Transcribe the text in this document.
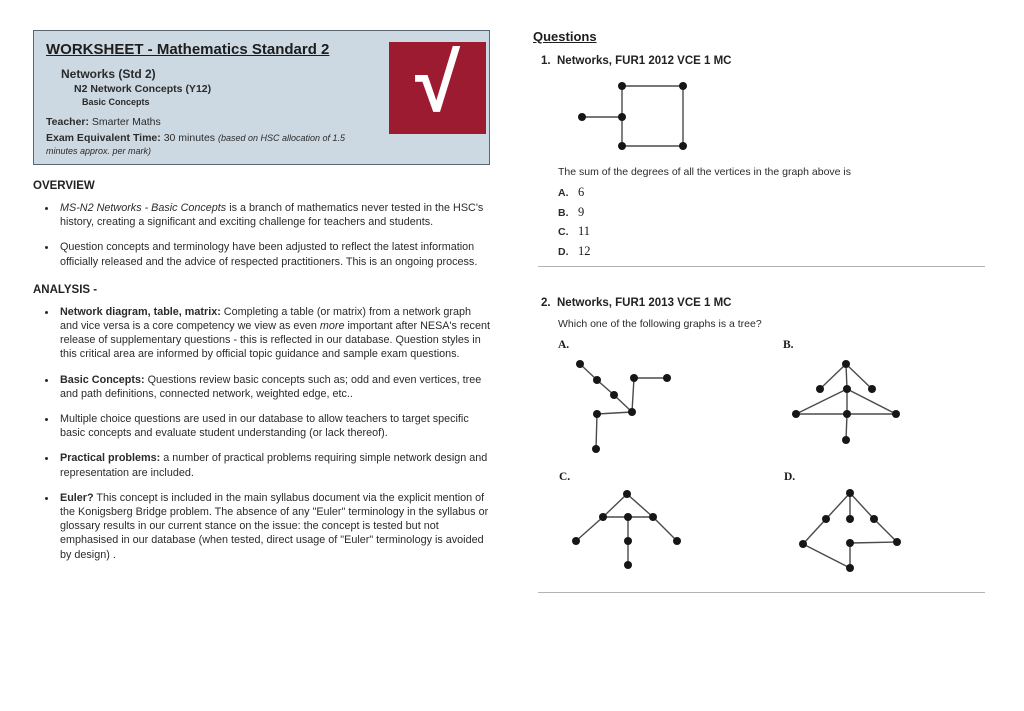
WORKSHEET - Mathematics Standard 2
Networks (Std 2)
N2 Network Concepts (Y12)
Basic Concepts
Teacher: Smarter Maths
Exam Equivalent Time: 30 minutes (based on HSC allocation of 1.5 minutes approx. per mark)
√
OVERVIEW
• MS-N2 Networks - Basic Concepts is a branch of mathematics never tested in the HSC's history, creating a significant and exciting challenge for teachers and students.
• Question concepts and terminology have been adjusted to reflect the latest information officially released and the advice of respected practitioners. This is an ongoing process.
ANALYSIS -
• Network diagram, table, matrix: Completing a table (or matrix) from a network graph and vice versa is a core competency we view as even more important after NESA's recent release of supplementary questions - this is reflected in our database. Question styles in this critical area are informed by official topic guidance and sample exam questions.
• Basic Concepts: Questions review basic concepts such as; odd and even vertices, tree and path definitions, connected network, weighted edge, etc..
• Multiple choice questions are used in our database to allow teachers to target specific basic concepts and evaluate student understanding (or lack thereof).
• Practical problems: a number of practical problems requiring simple network design and representation are included.
• Euler? This concept is included in the main syllabus document via the explicit mention of the Konigsberg Bridge problem. The absence of any "Euler" terminology in the syllabus or glossary results in our current stance on the issue: the concept is tested but not emphasised in our database (when tested, direct usage of "Euler" terminology is avoided by design) .
Questions
1. Networks, FUR1 2012 VCE 1 MC
The sum of the degrees of all the vertices in the graph above is
A. 6
B. 9
C. 11
D. 12
2. Networks, FUR1 2013 VCE 1 MC
Which one of the following graphs is a tree?
A.	B.
C.	D.
